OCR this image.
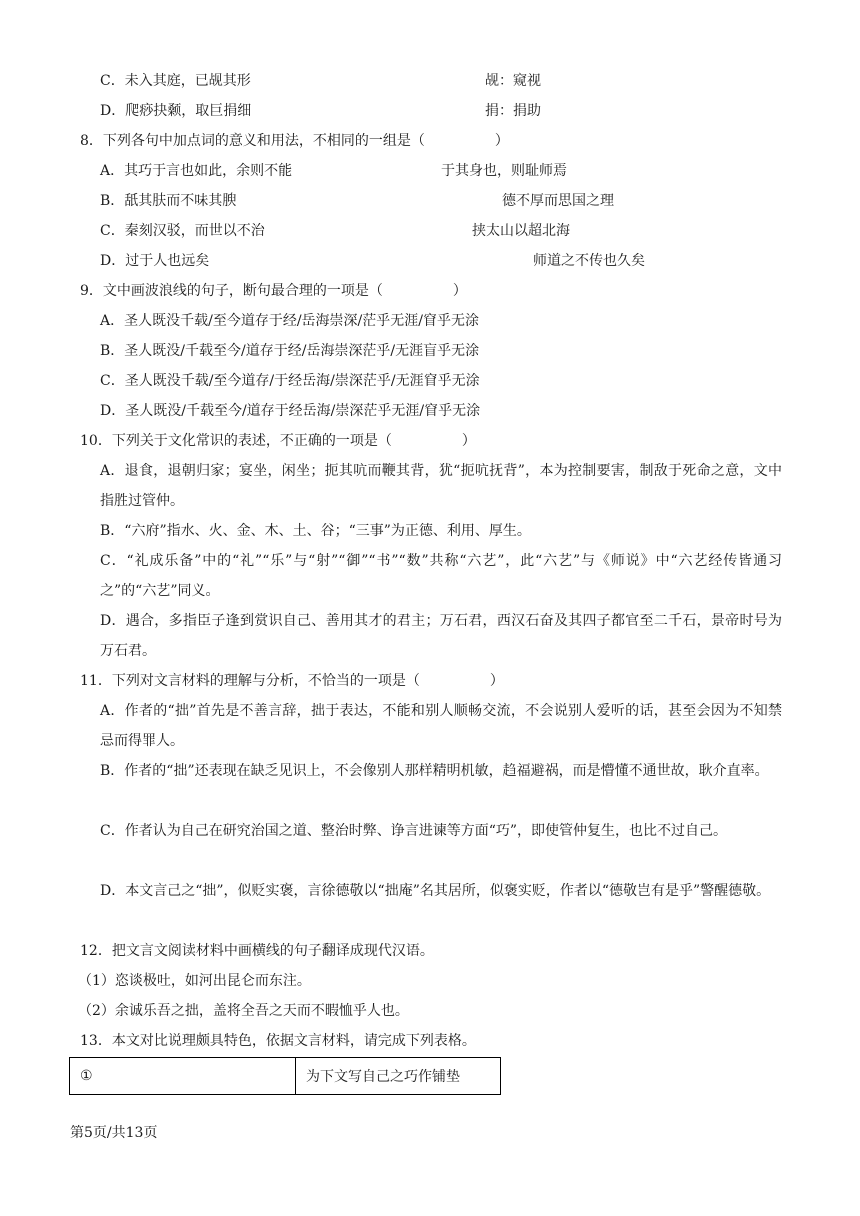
C．未入其庭，已觇其形	觇：窥视
D．爬痧抉颡，取巨捐细	捐：捐助
8．下列各句中加点词的意义和用法，不相同的一组是（　　　　　）
A．其巧于言也如此，余则不能	于其身也，则耻师焉
B．舐其肤而不味其腴	德不厚而思国之理
C．秦刻汉驳，而世以不治	挟太山以超北海
D．过于人也远矣	师道之不传也久矣
9．文中画波浪线的句子，断句最合理的一项是（　　　　　）
A．圣人既没千载/至今道存于经/岳海崇深/茫乎无涯/窅乎无涂
B．圣人既没/千载至今/道存于经/岳海崇深茫乎/无涯盲乎无涂
C．圣人既没千载/至今道存/于经岳海/崇深茫乎/无涯窅乎无涂
D．圣人既没/千载至今/道存于经岳海/崇深茫乎无涯/窅乎无涂
10．下列关于文化常识的表述，不正确的一项是（　　　　　）
A．退食，退朝归家；宴坐，闲坐；扼其吭而鞭其背，犹“扼吭抚背”，本为控制要害，制敌于死命之意，文中指胜过管仲。
B．“六府”指水、火、金、木、土、谷；“三事”为正德、利用、厚生。
C．“礼成乐备”中的“礼”“乐”与“射”“御”“书”“数”共称“六艺”，此“六艺”与《师说》中“六艺经传皆通习之”的“六艺”同义。
D．遇合，多指臣子逢到赏识自己、善用其才的君主；万石君，西汉石奋及其四子都官至二千石，景帝时号为万石君。
11．下列对文言材料的理解与分析，不恰当的一项是（　　　　　）
A．作者的“拙”首先是不善言辞，拙于表达，不能和别人顺畅交流，不会说别人爱听的话，甚至会因为不知禁忌而得罪人。
B．作者的“拙”还表现在缺乏见识上，不会像别人那样精明机敏，趋福避祸，而是懵懂不通世故，耿介直率。
C．作者认为自己在研究治国之道、整治时弊、诤言进谏等方面“巧”，即使管仲复生，也比不过自己。
D．本文言己之“拙”，似贬实褒，言徐德敬以“拙庵”名其居所，似褒实贬，作者以“德敬岂有是乎”警醒德敬。
12．把文言文阅读材料中画横线的句子翻译成现代汉语。
（1）恣谈极吐，如河出昆仑而东注。
（2）余诚乐吾之拙，盖将全吾之天而不暇恤乎人也。
13．本文对比说理颇具特色，依据文言材料，请完成下列表格。
①	为下文写自己之巧作铺垫
第5页/共13页
